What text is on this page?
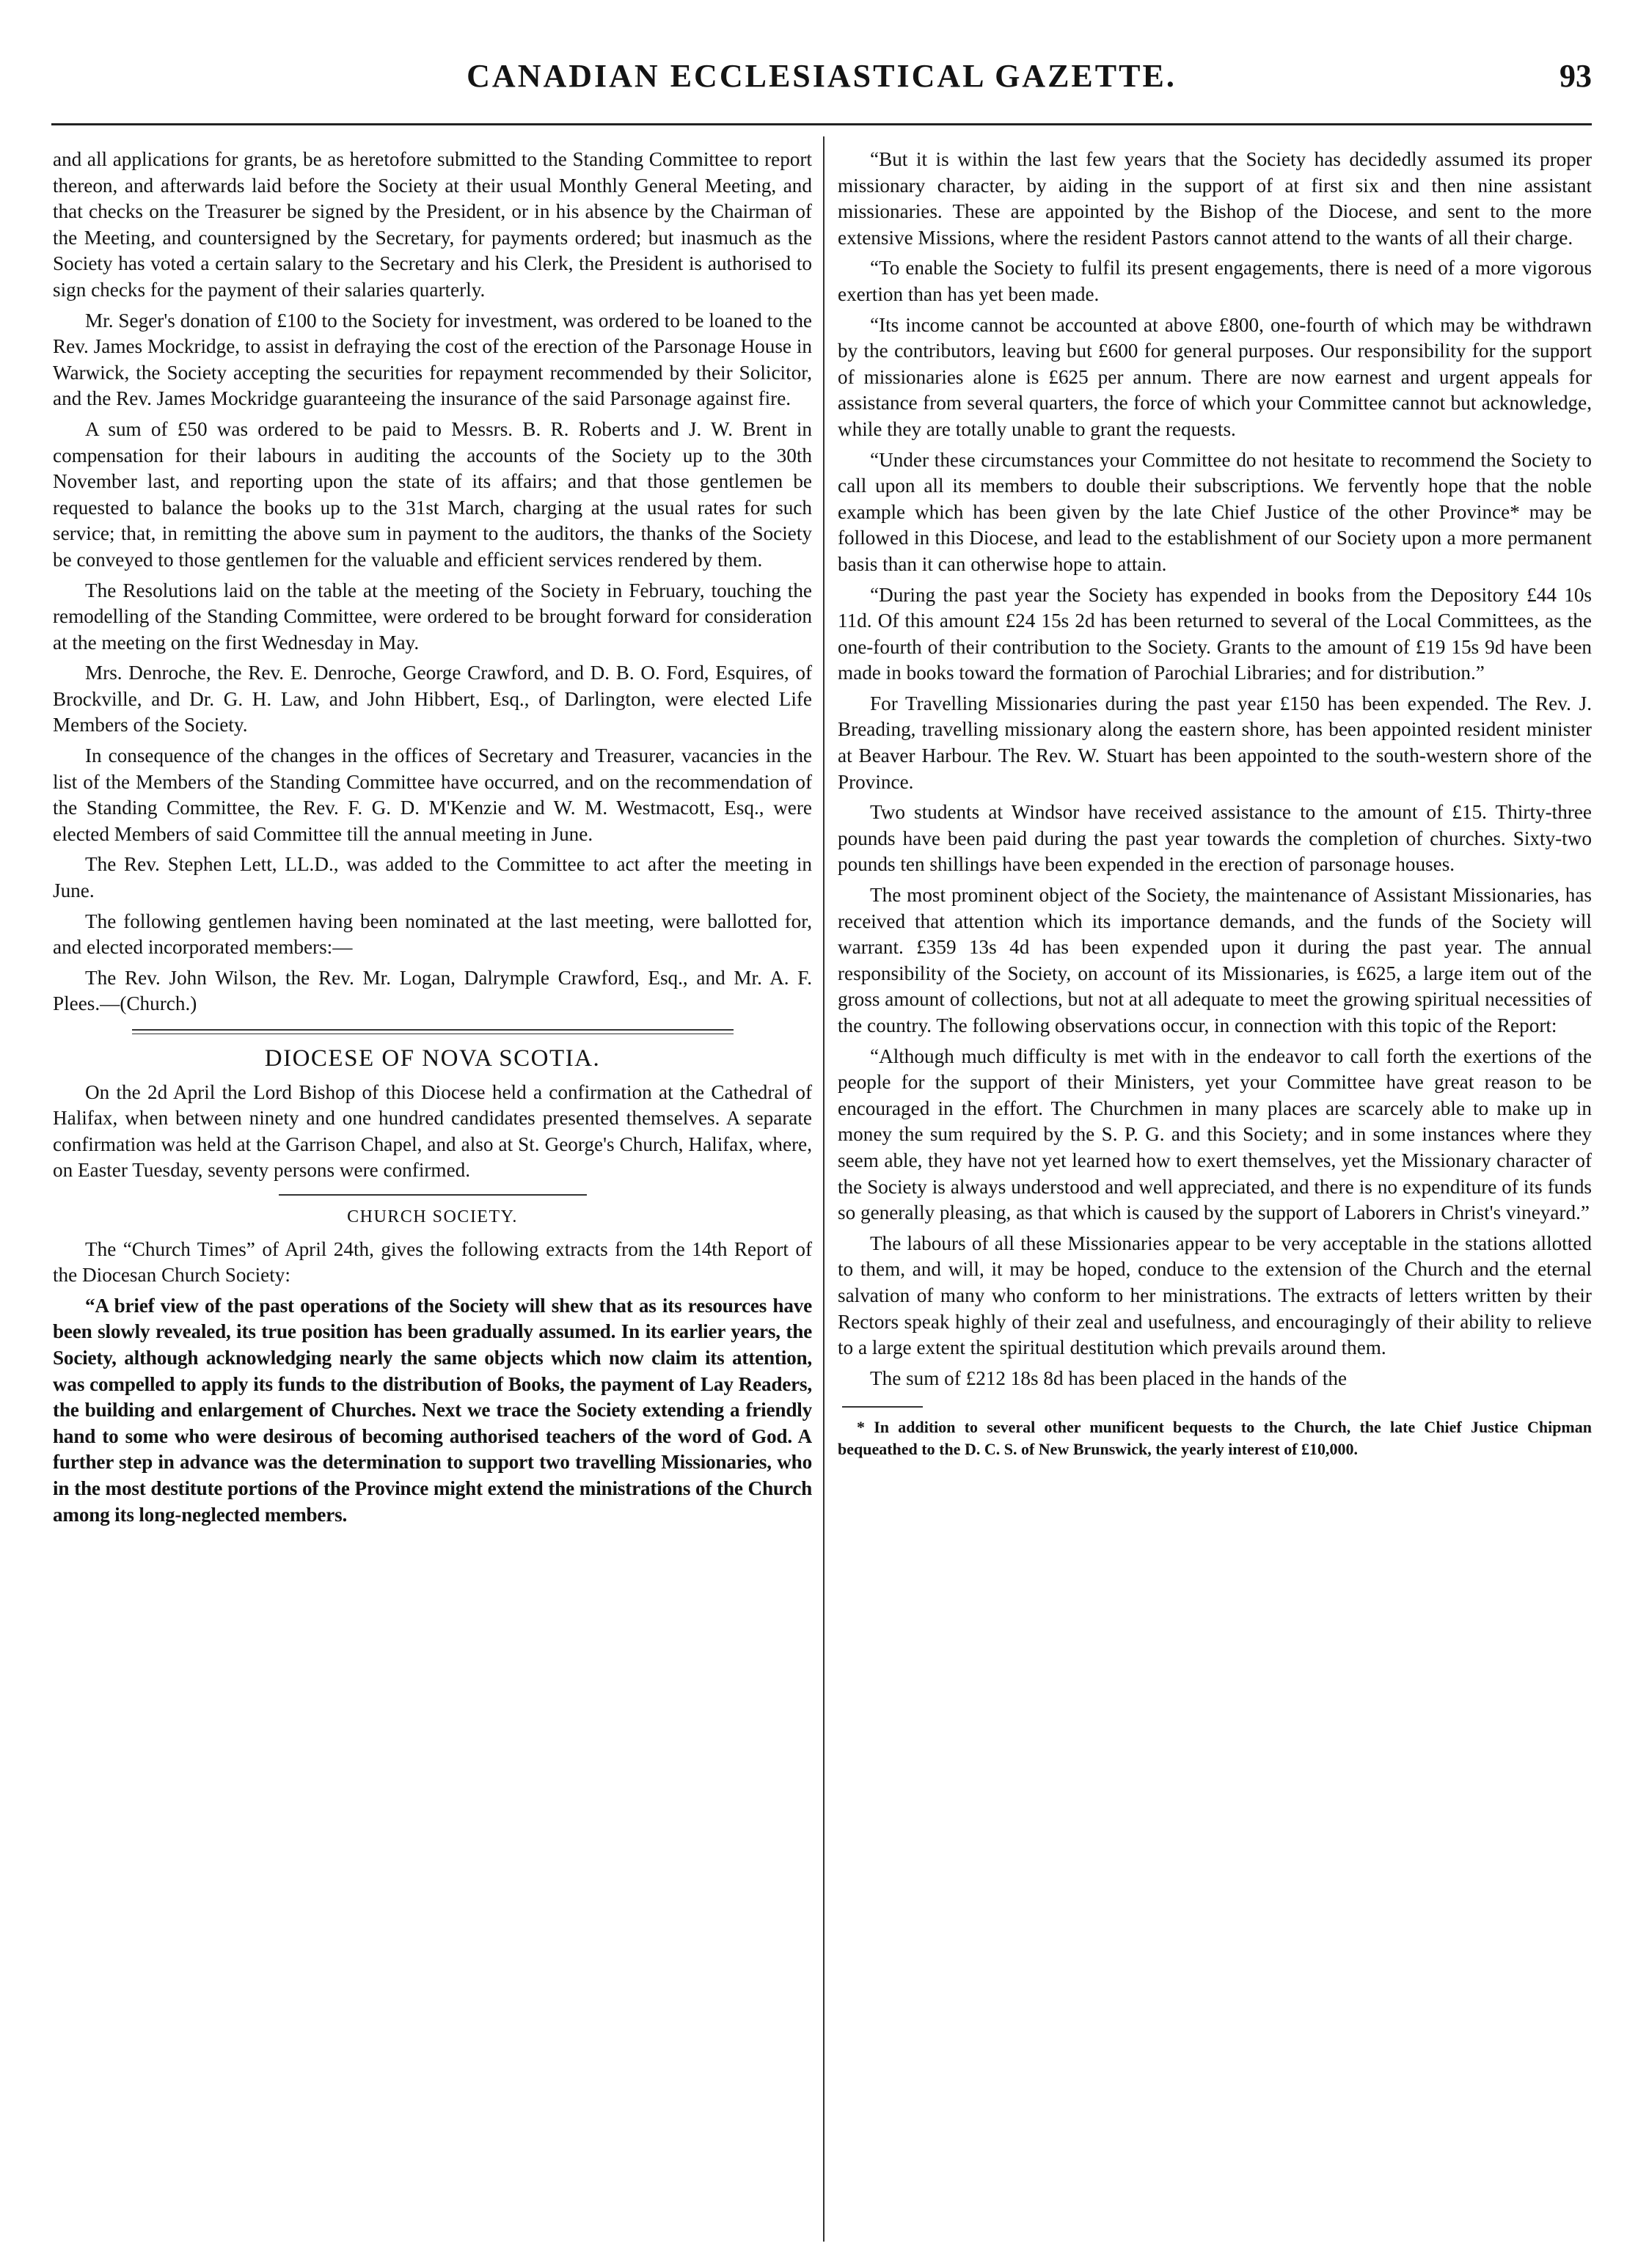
CANADIAN ECCLESIASTICAL GAZETTE.	93

and all applications for grants, be as heretofore submitted to the Standing Committee to report thereon, and afterwards laid before the Society at their usual Monthly General Meeting, and that checks on the Treasurer be signed by the President, or in his absence by the Chairman of the Meeting, and countersigned by the Secretary, for payments ordered; but inasmuch as the Society has voted a certain salary to the Secretary and his Clerk, the President is authorised to sign checks for the payment of their salaries quarterly.

Mr. Seger's donation of £100 to the Society for investment, was ordered to be loaned to the Rev. James Mockridge, to assist in defraying the cost of the erection of the Parsonage House in Warwick, the Society accepting the securities for repayment recommended by their Solicitor, and the Rev. James Mockridge guaranteeing the insurance of the said Parsonage against fire.

A sum of £50 was ordered to be paid to Messrs. B. R. Roberts and J. W. Brent in compensation for their labours in auditing the accounts of the Society up to the 30th November last, and reporting upon the state of its affairs; and that those gentlemen be requested to balance the books up to the 31st March, charging at the usual rates for such service; that, in remitting the above sum in payment to the auditors, the thanks of the Society be conveyed to those gentlemen for the valuable and efficient services rendered by them.

The Resolutions laid on the table at the meeting of the Society in February, touching the remodelling of the Standing Committee, were ordered to be brought forward for consideration at the meeting on the first Wednesday in May.

Mrs. Denroche, the Rev. E. Denroche, George Crawford, and D. B. O. Ford, Esquires, of Brockville, and Dr. G. H. Law, and John Hibbert, Esq., of Darlington, were elected Life Members of the Society.

In consequence of the changes in the offices of Secretary and Treasurer, vacancies in the list of the Members of the Standing Committee have occurred, and on the recommendation of the Standing Committee, the Rev. F. G. D. M'Kenzie and W. M. Westmacott, Esq., were elected Members of said Committee till the annual meeting in June.

The Rev. Stephen Lett, LL.D., was added to the Committee to act after the meeting in June.

The following gentlemen having been nominated at the last meeting, were ballotted for, and elected incorporated members:—

The Rev. John Wilson, the Rev. Mr. Logan, Dalrymple Crawford, Esq., and Mr. A. F. Plees.—(Church.)

DIOCESE OF NOVA SCOTIA.

On the 2d April the Lord Bishop of this Diocese held a confirmation at the Cathedral of Halifax, when between ninety and one hundred candidates presented themselves. A separate confirmation was held at the Garrison Chapel, and also at St. George's Church, Halifax, where, on Easter Tuesday, seventy persons were confirmed.

CHURCH SOCIETY.

The “Church Times” of April 24th, gives the following extracts from the 14th Report of the Diocesan Church Society:

“A brief view of the past operations of the Society will shew that as its resources have been slowly revealed, its true position has been gradually assumed. In its earlier years, the Society, although acknowledging nearly the same objects which now claim its attention, was compelled to apply its funds to the distribution of Books, the payment of Lay Readers, the building and enlargement of Churches. Next we trace the Society extending a friendly hand to some who were desirous of becoming authorised teachers of the word of God. A further step in advance was the determination to support two travelling Missionaries, who in the most destitute portions of the Province might extend the ministrations of the Church among its long-neglected members.

“But it is within the last few years that the Society has decidedly assumed its proper missionary character, by aiding in the support of at first six and then nine assistant missionaries. These are appointed by the Bishop of the Diocese, and sent to the more extensive Missions, where the resident Pastors cannot attend to the wants of all their charge.

“To enable the Society to fulfil its present engagements, there is need of a more vigorous exertion than has yet been made.

“Its income cannot be accounted at above £800, one-fourth of which may be withdrawn by the contributors, leaving but £600 for general purposes. Our responsibility for the support of missionaries alone is £625 per annum. There are now earnest and urgent appeals for assistance from several quarters, the force of which your Committee cannot but acknowledge, while they are totally unable to grant the requests.

“Under these circumstances your Committee do not hesitate to recommend the Society to call upon all its members to double their subscriptions. We fervently hope that the noble example which has been given by the late Chief Justice of the other Province* may be followed in this Diocese, and lead to the establishment of our Society upon a more permanent basis than it can otherwise hope to attain.

“During the past year the Society has expended in books from the Depository £44 10s 11d. Of this amount £24 15s 2d has been returned to several of the Local Committees, as the one-fourth of their contribution to the Society. Grants to the amount of £19 15s 9d have been made in books toward the formation of Parochial Libraries; and for distribution.”

For Travelling Missionaries during the past year £150 has been expended. The Rev. J. Breading, travelling missionary along the eastern shore, has been appointed resident minister at Beaver Harbour. The Rev. W. Stuart has been appointed to the south-western shore of the Province.

Two students at Windsor have received assistance to the amount of £15. Thirty-three pounds have been paid during the past year towards the completion of churches. Sixty-two pounds ten shillings have been expended in the erection of parsonage houses.

The most prominent object of the Society, the maintenance of Assistant Missionaries, has received that attention which its importance demands, and the funds of the Society will warrant. £359 13s 4d has been expended upon it during the past year. The annual responsibility of the Society, on account of its Missionaries, is £625, a large item out of the gross amount of collections, but not at all adequate to meet the growing spiritual necessities of the country. The following observations occur, in connection with this topic of the Report:

“Although much difficulty is met with in the endeavor to call forth the exertions of the people for the support of their Ministers, yet your Committee have great reason to be encouraged in the effort. The Churchmen in many places are scarcely able to make up in money the sum required by the S. P. G. and this Society; and in some instances where they seem able, they have not yet learned how to exert themselves, yet the Missionary character of the Society is always understood and well appreciated, and there is no expenditure of its funds so generally pleasing, as that which is caused by the support of Laborers in Christ's vineyard.”

The labours of all these Missionaries appear to be very acceptable in the stations allotted to them, and will, it may be hoped, conduce to the extension of the Church and the eternal salvation of many who conform to her ministrations. The extracts of letters written by their Rectors speak highly of their zeal and usefulness, and encouragingly of their ability to relieve to a large extent the spiritual destitution which prevails around them.

The sum of £212 18s 8d has been placed in the hands of the

* In addition to several other munificent bequests to the Church, the late Chief Justice Chipman bequeathed to the D. C. S. of New Brunswick, the yearly interest of £10,000.
